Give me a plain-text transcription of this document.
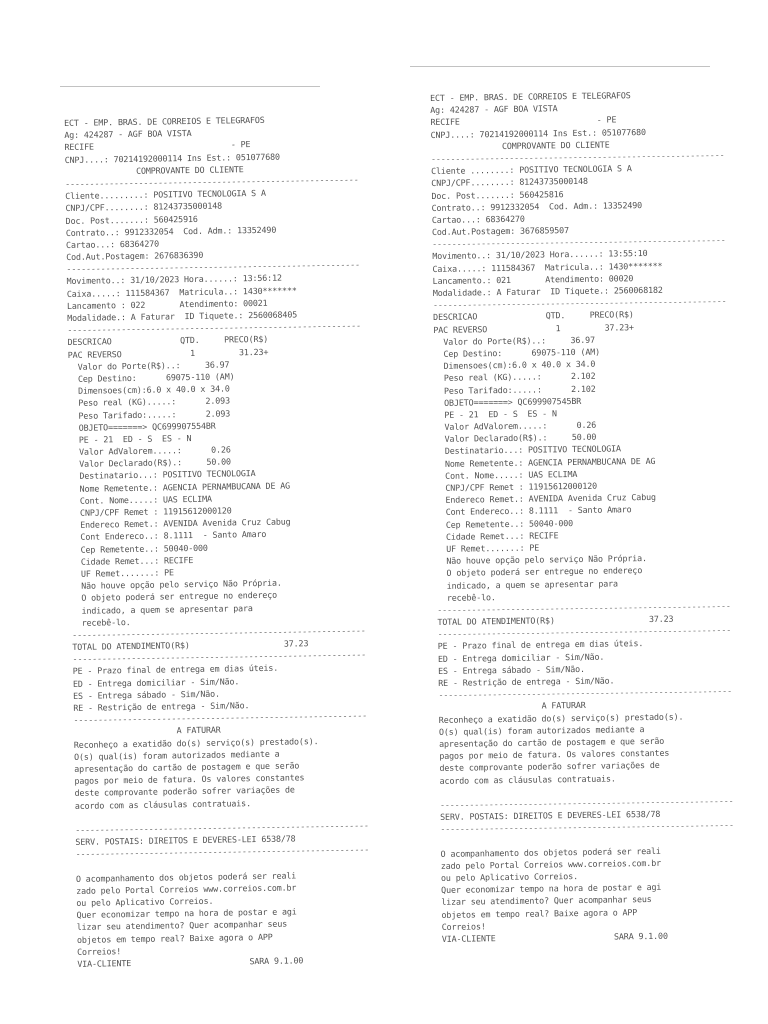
ECT - EMP. BRAS. DE CORREIOS E TELEGRAFOS
Ag: 424287 - AGF BOA VISTA
RECIFE                            - PE
CNPJ....: 70214192000114 Ins Est.: 051077680
COMPROVANTE DO CLIENTE
------------------------------------------------------------
Cliente.........: POSITIVO TECNOLOGIA S A
CNPJ/CPF........: 81243735000148
Doc. Post.......: 560425916
Contrato..: 9912332054  Cod. Adm.: 13352490
Cartao...: 68364270
Cod.Aut.Postagem: 2676836390
------------------------------------------------------------
Movimento..: 31/10/2023 Hora......: 13:56:12
Caixa.....: 111584367  Matricula..: 1430*******
Lancamento : 022       Atendimento: 00021
Modalidade.: A Faturar  ID Tiquete.: 2560068405
------------------------------------------------------------
DESCRICAO              QTD.     PRECO(R$)
PAC REVERSO              1         31.23+
Valor do Porte(R$)..:     36.97
Cep Destino:      69075-110 (AM)
Dimensoes(cm):6.0 x 40.0 x 34.0
Peso real (KG).....:      2.093
Peso Tarifado:.....:      2.093
OBJETO=======> QC699907554BR
PE - 21  ED - S  ES - N
Valor AdValorem.....:      0.26
Valor Declarado(R$).:     50.00
Destinatario...: POSITIVO TECNOLOGIA
Nome Remetente.: AGENCIA PERNAMBUCANA DE AG
Cont. Nome.....: UAS ECLIMA
CNPJ/CPF Remet : 11915612000120
Endereco Remet.: AVENIDA Avenida Cruz Cabug
Cont Endereco..: 8.1111  - Santo Amaro
Cep Remetente..: 50040-000
Cidade Remet...: RECIFE
UF Remet.......: PE
Não houve opção pelo serviço Não Própria.
O objeto poderá ser entregue no endereço
indicado, a quem se apresentar para
recebê-lo.
------------------------------------------------------------
TOTAL DO ATENDIMENTO(R$)	37.23
------------------------------------------------------------
PE - Prazo final de entrega em dias úteis.
ED - Entrega domiciliar - Sim/Não.
ES - Entrega sábado - Sim/Não.
RE - Restrição de entrega - Sim/Não.
------------------------------------------------------------
A FATURAR
Reconheço a exatidão do(s) serviço(s) prestado(s).
O(s) qual(is) foram autorizados mediante a
apresentação do cartão de postagem e que serão
pagos por meio de fatura. Os valores constantes
deste comprovante poderão sofrer variações de
acordo com as cláusulas contratuais.
------------------------------------------------------------
SERV. POSTAIS: DIREITOS E DEVERES-LEI 6538/78
------------------------------------------------------------
O acompanhamento dos objetos poderá ser reali
zado pelo Portal Correios www.correios.com.br
ou pelo Aplicativo Correios.
Quer economizar tempo na hora de postar e agi
lizar seu atendimento? Quer acompanhar seus
objetos em tempo real? Baixe agora o APP
Correios!
VIA-CLIENTE	SARA 9.1.00
ECT - EMP. BRAS. DE CORREIOS E TELEGRAFOS
Ag: 424287 - AGF BOA VISTA
RECIFE                            - PE
CNPJ....: 70214192000114 Ins Est.: 051077680
COMPROVANTE DO CLIENTE
------------------------------------------------------------
Cliente ........: POSITIVO TECNOLOGIA S A
CNPJ/CPF........: 81243735000148
Doc. Post.......: 560425816
Contrato..: 9912332054  Cod. Adm.: 13352490
Cartao...: 68364270
Cod.Aut.Postagem: 3676859507
------------------------------------------------------------
Movimento..: 31/10/2023 Hora......: 13:55:10
Caixa.....: 111584367  Matricula..: 1430*******
Lancamento.: 021       Atendimento: 00020
Modalidade.: A Faturar  ID Tiquete.: 2560068182
------------------------------------------------------------
DESCRICAO              QTD.     PRECO(R$)
PAC REVERSO              1         37.23+
Valor do Porte(R$)..:     36.97
Cep Destino:      69075-110 (AM)
Dimensoes(cm):6.0 x 40.0 x 34.0
Peso real (KG).....:      2.102
Peso Tarifado:.....:      2.102
OBJETO=======> QC699907545BR
PE - 21  ED - S  ES - N
Valor AdValorem.....:      0.26
Valor Declarado(R$).:     50.00
Destinatario...: POSITIVO TECNOLOGIA
Nome Remetente.: AGENCIA PERNAMBUCANA DE AG
Cont. Nome.....: UAS ECLIMA
CNPJ/CPF Remet : 11915612000120
Endereco Remet.: AVENIDA Avenida Cruz Cabug
Cont Endereco..: 8.1111  - Santo Amaro
Cep Remetente..: 50040-000
Cidade Remet...: RECIFE
UF Remet.......: PE
Não houve opção pelo serviço Não Própria.
O objeto poderá ser entregue no endereço
indicado, a quem se apresentar para
recebê-lo.
------------------------------------------------------------
TOTAL DO ATENDIMENTO(R$)	37.23
------------------------------------------------------------
PE - Prazo final de entrega em dias úteis.
ED - Entrega domiciliar - Sim/Não.
ES - Entrega sábado - Sim/Não.
RE - Restrição de entrega - Sim/Não.
------------------------------------------------------------
A FATURAR
Reconheço a exatidão do(s) serviço(s) prestado(s).
O(s) qual(is) foram autorizados mediante a
apresentação do cartão de postagem e que serão
pagos por meio de fatura. Os valores constantes
deste comprovante poderão sofrer variações de
acordo com as cláusulas contratuais.
------------------------------------------------------------
SERV. POSTAIS: DIREITOS E DEVERES-LEI 6538/78
------------------------------------------------------------
O acompanhamento dos objetos poderá ser reali
zado pelo Portal Correios www.correios.com.br
ou pelo Aplicativo Correios.
Quer economizar tempo na hora de postar e agi
lizar seu atendimento? Quer acompanhar seus
objetos em tempo real? Baixe agora o APP
Correios!
VIA-CLIENTE	SARA 9.1.00
